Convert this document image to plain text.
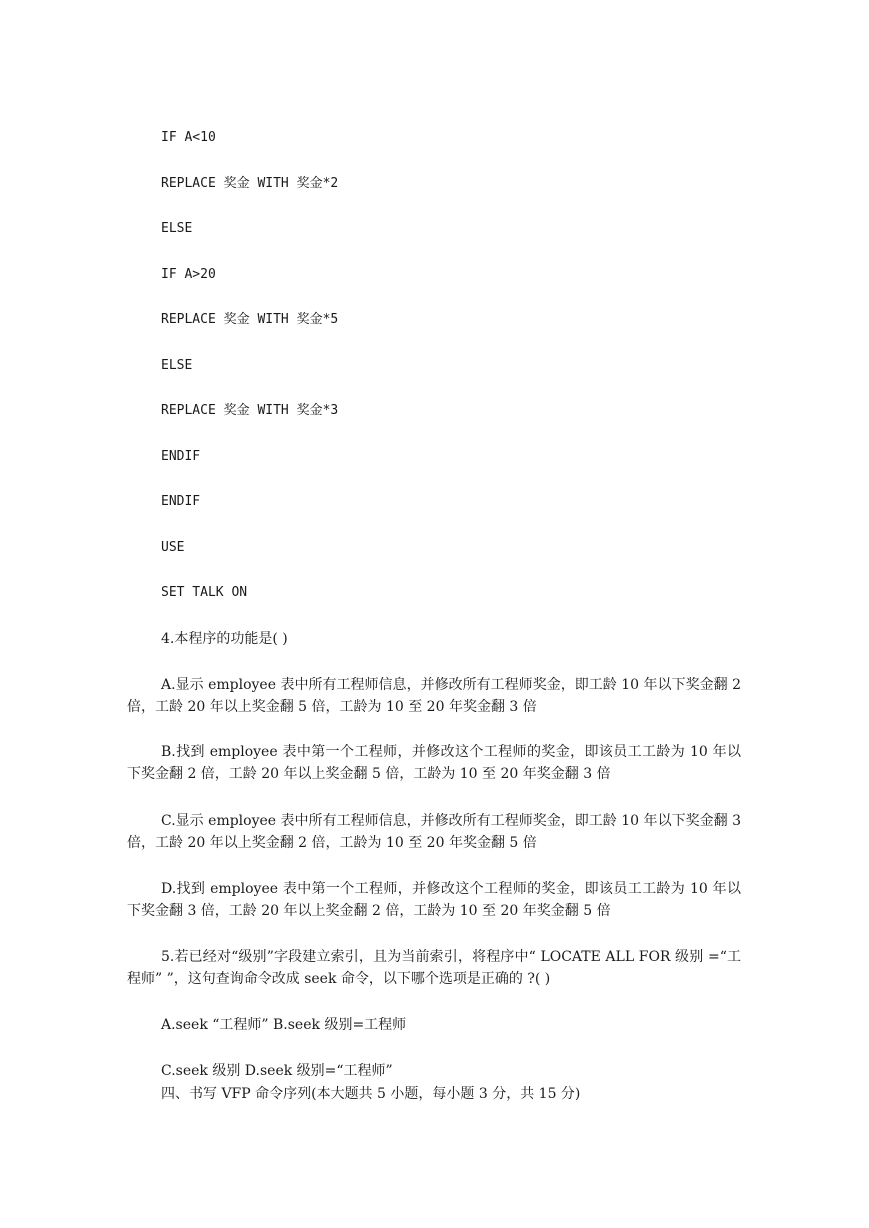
IF A<10
REPLACE 奖金 WITH 奖金*2
ELSE
IF A>20
REPLACE 奖金 WITH 奖金*5
ELSE
REPLACE 奖金 WITH 奖金*3
ENDIF
ENDIF
USE
SET TALK ON
4.本程序的功能是( )
A.显示 employee 表中所有工程师信息，并修改所有工程师奖金，即工龄 10 年以下奖金翻 2 倍，工龄 20 年以上奖金翻 5 倍，工龄为 10 至 20 年奖金翻 3 倍
B.找到 employee 表中第一个工程师，并修改这个工程师的奖金，即该员工工龄为 10 年以下奖金翻 2 倍，工龄 20 年以上奖金翻 5 倍，工龄为 10 至 20 年奖金翻 3 倍
C.显示 employee 表中所有工程师信息，并修改所有工程师奖金，即工龄 10 年以下奖金翻 3 倍，工龄 20 年以上奖金翻 2 倍，工龄为 10 至 20 年奖金翻 5 倍
D.找到 employee 表中第一个工程师，并修改这个工程师的奖金，即该员工工龄为 10 年以下奖金翻 3 倍，工龄 20 年以上奖金翻 2 倍，工龄为 10 至 20 年奖金翻 5 倍
5.若已经对“级别”字段建立索引，且为当前索引，将程序中“ LOCATE ALL FOR 级别 =“工程师” ”，这句查询命令改成 seek 命令，以下哪个选项是正确的 ?( )
A.seek “工程师” B.seek 级别=工程师
C.seek 级别 D.seek 级别=“工程师”
四、书写 VFP 命令序列(本大题共 5 小题，每小题 3 分，共 15 分)
